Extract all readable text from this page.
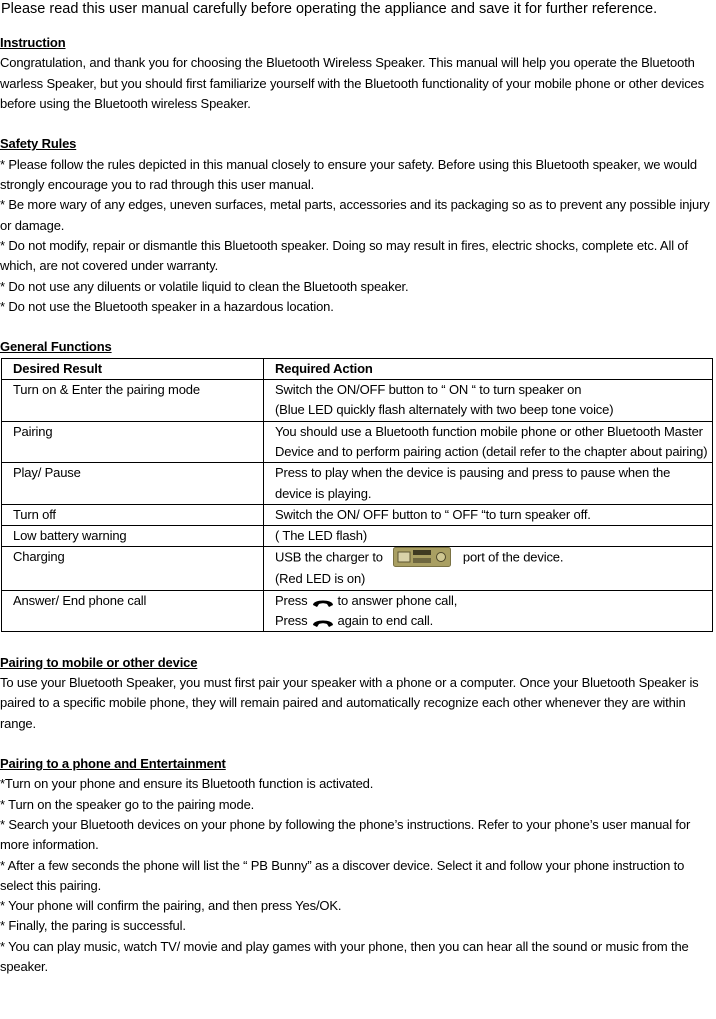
Please read this user manual carefully before operating the appliance and save it for further reference.

Instruction

Congratulation, and thank you for choosing the Bluetooth Wireless Speaker. This manual will help you operate the Bluetooth warless Speaker, but you should first familiarize yourself with the Bluetooth functionality of your mobile phone or other devices before using the Bluetooth wireless Speaker.

Safety Rules

* Please follow the rules depicted in this manual closely to ensure your safety. Before using this Bluetooth speaker, we would strongly encourage you to rad through this user manual.

* Be more wary of any edges, uneven surfaces, metal parts, accessories and its packaging so as to prevent any possible injury or damage.

* Do not modify, repair or dismantle this Bluetooth speaker. Doing so may result in fires, electric shocks, complete etc. All of which, are not covered under warranty.

* Do not use any diluents or volatile liquid to clean the Bluetooth speaker.

* Do not use the Bluetooth speaker in a hazardous location.

General Functions

Desired Result	Required Action
Turn on & Enter the pairing mode	Switch the ON/OFF button to “ ON “ to turn speaker on
(Blue LED quickly flash alternately with two beep tone voice)

Pairing	You should use a Bluetooth function mobile phone or other Bluetooth Master Device and to perform pairing action (detail refer to the chapter about pairing)
Play/ Pause	Press to play when the device is pausing and press to pause when the device is playing.
Turn off	Switch the ON/ OFF button to “ OFF “to turn speaker off.
Low battery warning	( The LED flash)
Charging	USB the charger to port of the device.
(Red LED is on)

Answer/ End phone call	Press to answer phone call,
Press again to end call.

Pairing to mobile or other device

To use your Bluetooth Speaker, you must first pair your speaker with a phone or a computer. Once your Bluetooth Speaker is paired to a specific mobile phone, they will remain paired and automatically recognize each other whenever they are within range.

Pairing to a phone and Entertainment

*Turn on your phone and ensure its Bluetooth function is activated.

* Turn on the speaker go to the pairing mode.

* Search your Bluetooth devices on your phone by following the phone’s instructions. Refer to your phone’s user manual for more information.

* After a few seconds the phone will list the “ PB Bunny” as a discover device. Select it and follow your phone instruction to select this pairing.

* Your phone will confirm the pairing, and then press Yes/OK.

* Finally, the paring is successful.

* You can play music, watch TV/ movie and play games with your phone, then you can hear all the sound or music from the speaker.
